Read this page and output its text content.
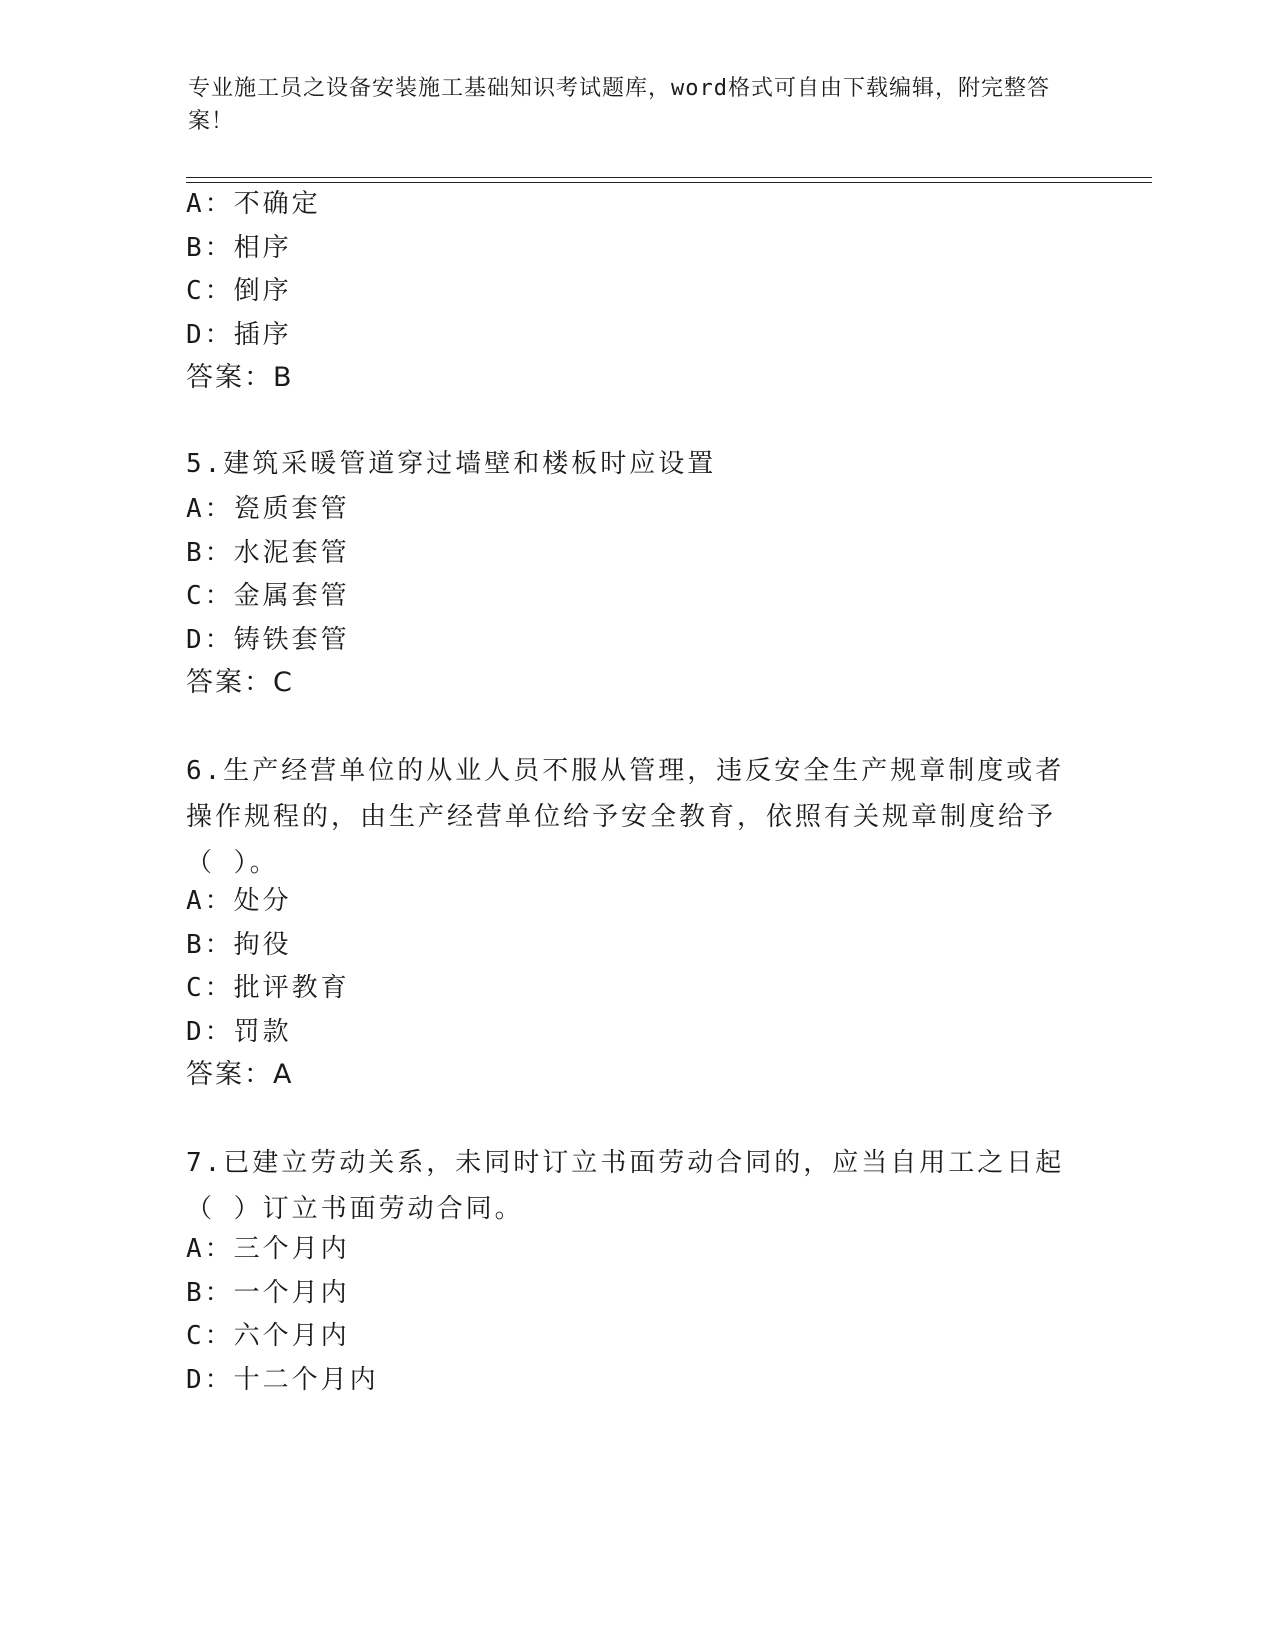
专业施工员之设备安装施工基础知识考试题库，word格式可自由下载编辑，附完整答案！
A：不确定
B：相序
C：倒序
D：插序
答案：B
5.建筑采暖管道穿过墙壁和楼板时应设置
A：瓷质套管
B：水泥套管
C：金属套管
D：铸铁套管
答案：C
6.生产经营单位的从业人员不服从管理，违反安全生产规章制度或者操作规程的，由生产经营单位给予安全教育，依照有关规章制度给予（ ）。
A：处分
B：拘役
C：批评教育
D：罚款
答案：A
7.已建立劳动关系，未同时订立书面劳动合同的，应当自用工之日起（ ）订立书面劳动合同。
A：三个月内
B：一个月内
C：六个月内
D：十二个月内
